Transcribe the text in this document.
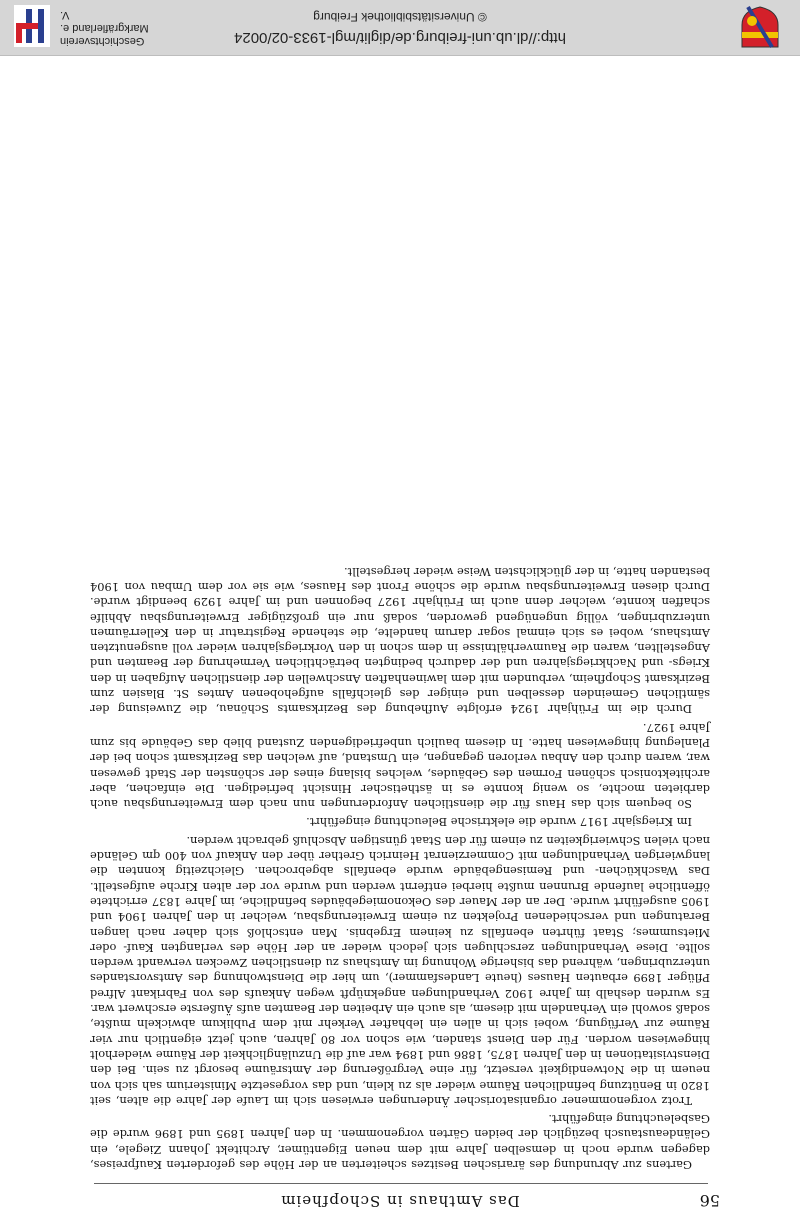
56
Das Amthaus in Schopfheim

Gartens zur Abrundung des ärarischen Besitzes scheiterten an der Höhe des geforderten Kaufpreises, dagegen wurde noch in demselben Jahre mit dem neuen Eigentümer, Architekt Johann Ziegele, ein Geländeaustausch bezüglich der beiden Gärten vorgenommen. In den Jahren 1895 und 1896 wurde die Gasbeleuchtung eingeführt.

Trotz vorgenommener organisatorischer Änderungen erwiesen sich im Laufe der Jahre die alten, seit 1820 in Benützung befindlichen Räume wieder als zu klein, und das vorgesetzte Ministerium sah sich von neuem in die Notwendigkeit versetzt, für eine Vergrößerung der Amtsräume besorgt zu sein. Bei den Dienstvisitationen in den Jahren 1875, 1886 und 1894 war auf die Unzulänglichkeit der Räume wiederholt hingewiesen worden. Für den Dienst standen, wie schon vor 80 Jahren, auch jetzt eigentlich nur vier Räume zur Verfügung, wobei sich in allen ein lebhafter Verkehr mit dem Publikum abwickeln mußte, sodaß sowohl ein Verhandeln mit diesem, als auch ein Arbeiten der Beamten aufs Äußerste erschwert war. Es wurden deshalb im Jahre 1902 Verhandlungen angeknüpft wegen Ankaufs des von Fabrikant Alfred Pflüger 1899 erbauten Hauses (heute Landesfammer), um hier die Dienstwohnung des Amtsvorstandes unterzubringen, während das bisherige Wohnung im Amtshaus zu dienstlichen Zwecken verwandt werden sollte. Diese Verhandlungen zerschlugen sich jedoch wieder an der Höhe des verlangten Kauf- oder Mietsummes; Staat führten ebenfalls zu keinem Ergebnis. Man entschloß sich daher nach langen Beratungen und verschiedenen Projekten zu einem Erweiterungsbau, welcher in den Jahren 1904 und 1905 ausgeführt wurde. Der an der Mauer des Oekonomiegebäudes befindliche, im Jahre 1837 errichtete öffentliche laufende Brunnen mußte hierbei entfernt werden und wurde vor der alten Kirche aufgestellt. Das Waschküchen- und Remisengebäude wurde ebenfalls abgebrochen. Gleichzeitig konnten die langwierigen Verhandlungen mit Commerzienrat Heinrich Grether über den Ankauf von 400 qm Gelände nach vielen Schwierigkeiten zu einem für den Staat günstigen Abschluß gebracht werden.

Im Kriegsjahr 1917 wurde die elektrische Beleuchtung eingeführt.

So bequem sich das Haus für die dienstlichen Anforderungen nun nach dem Erweiterungsbau auch darbieten mochte, so wenig konnte es in ästhetischer Hinsicht befriedigen. Die einfachen, aber architektonisch schönen Formen des Gebäudes, welches bislang eines der schönsten der Stadt gewesen war, waren durch den Anbau verloren gegangen, ein Umstand, auf welchen das Bezirksamt schon bei der Planlegung hingewiesen hatte. In diesem baulich unbefriedigenden Zustand blieb das Gebäude bis zum Jahre 1927.

Durch die im Frühjahr 1924 erfolgte Aufhebung des Bezirksamts Schönau, die Zuweisung der sämtlichen Gemeinden desselben und einiger des gleichfalls aufgehobenen Amtes St. Blasien zum Bezirksamt Schopfheim, verbunden mit dem lawinenhaften Anschwellen der dienstlichen Aufgaben in den Kriegs- und Nachkriegsjahren und der dadurch bedingten beträchtlichen Vermehrung der Beamten und Angestellten, waren die Raumverhältnisse in dem schon in den Vorkriegsjahren wieder voll ausgenutzten Amtshaus, wobei es sich einmal sogar darum handelte, die stehende Registratur in den Kellerräumen unterzubringen, völlig ungenügend geworden, sodaß nur ein großzügiger Erweiterungsbau Abhilfe schaffen konnte, welcher denn auch im Frühjahr 1927 begonnen und im Jahre 1929 beendigt wurde. Durch diesen Erweiterungsbau wurde die schöne Front des Hauses, wie sie vor dem Umbau von 1904 bestanden hatte, in der glücklichsten Weise wieder hergestellt.

http://dl.ub.uni-freiburg.de/diglit/mgl-1933-02/0024
© Universitätsbibliothek Freiburg
Geschichtsverein Markgräflerland e. V.
